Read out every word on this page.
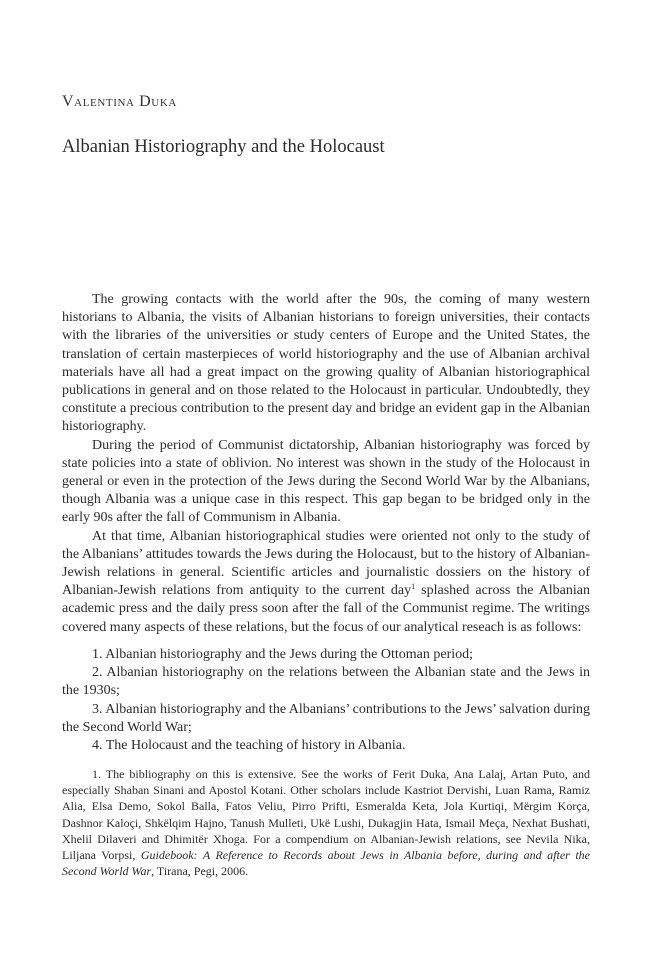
Valentina Duka
Albanian Historiography and the Holocaust

The growing contacts with the world after the 90s, the coming of many western historians to Albania, the visits of Albanian historians to foreign universities, their contacts with the libraries of the universities or study centers of Europe and the United States, the translation of certain masterpieces of world historiography and the use of Albanian archival materials have all had a great impact on the growing quality of Albanian historiographical publications in general and on those related to the Holocaust in particular. Undoubtedly, they constitute a precious contribution to the present day and bridge an evident gap in the Albanian historiography.

During the period of Communist dictatorship, Albanian historiography was forced by state policies into a state of oblivion. No interest was shown in the study of the Holocaust in general or even in the protection of the Jews during the Second World War by the Albanians, though Albania was a unique case in this respect. This gap began to be bridged only in the early 90s after the fall of Communism in Albania.

At that time, Albanian historiographical studies were oriented not only to the study of the Albanians’ attitudes towards the Jews during the Holocaust, but to the history of Albanian-Jewish relations in general. Scientific articles and journalistic dossiers on the history of Albanian-Jewish relations from antiquity to the current day$^1$ splashed across the Albanian academic press and the daily press soon after the fall of the Communist regime. The writings covered many aspects of these relations, but the focus of our analytical reseach is as follows:

1. Albanian historiography and the Jews during the Ottoman period;

2. Albanian historiography on the relations between the Albanian state and the Jews in the 1930s;

3. Albanian historiography and the Albanians’ contributions to the Jews’ salvation during the Second World War;

4. The Holocaust and the teaching of history in Albania.

1. The bibliography on this is extensive. See the works of Ferit Duka, Ana Lalaj, Artan Puto, and especially Shaban Sinani and Apostol Kotani. Other scholars include Kastriot Dervishi, Luan Rama, Ramiz Alia, Elsa Demo, Sokol Balla, Fatos Veliu, Pirro Prifti, Esmeralda Keta, Jola Kurtiqi, Mërgim Korça, Dashnor Kaloçi, Shkëlqim Hajno, Tanush Mulleti, Ukë Lushi, Dukagjin Hata, Ismail Meça, Nexhat Bushati, Xhelil Dilaveri and Dhimitër Xhoga. For a compendium on Albanian-Jewish relations, see Nevila Nika, Liljana Vorpsi, Guidebook: A Reference to Records about Jews in Albania before, during and after the Second World War, Tirana, Pegi, 2006.
